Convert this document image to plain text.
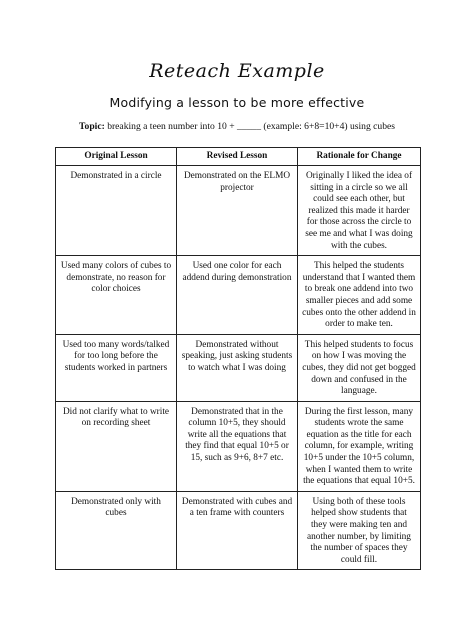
Reteach Example
Modifying a lesson to be more effective
Topic: breaking a teen number into 10 + _____ (example: 6+8=10+4) using cubes
Original Lesson	Revised Lesson	Rationale for Change
Demonstrated in a circle	Demonstrated on the ELMO projector	Originally I liked the idea of sitting in a circle so we all could see each other, but realized this made it harder for those across the circle to see me and what I was doing with the cubes.
Used many colors of cubes to demonstrate, no reason for color choices	Used one color for each addend during demonstration	This helped the students understand that I wanted them to break one addend into two smaller pieces and add some cubes onto the other addend in order to make ten.
Used too many words/talked for too long before the students worked in partners	Demonstrated without speaking, just asking students to watch what I was doing	This helped students to focus on how I was moving the cubes, they did not get bogged down and confused in the language.
Did not clarify what to write on recording sheet	Demonstrated that in the column 10+5, they should write all the equations that they find that equal 10+5 or 15, such as 9+6, 8+7 etc.	During the first lesson, many students wrote the same equation as the title for each column, for example, writing 10+5 under the 10+5 column, when I wanted them to write the equations that equal 10+5.
Demonstrated only with cubes	Demonstrated with cubes and a ten frame with counters	Using both of these tools helped show students that they were making ten and another number, by limiting the number of spaces they could fill.
